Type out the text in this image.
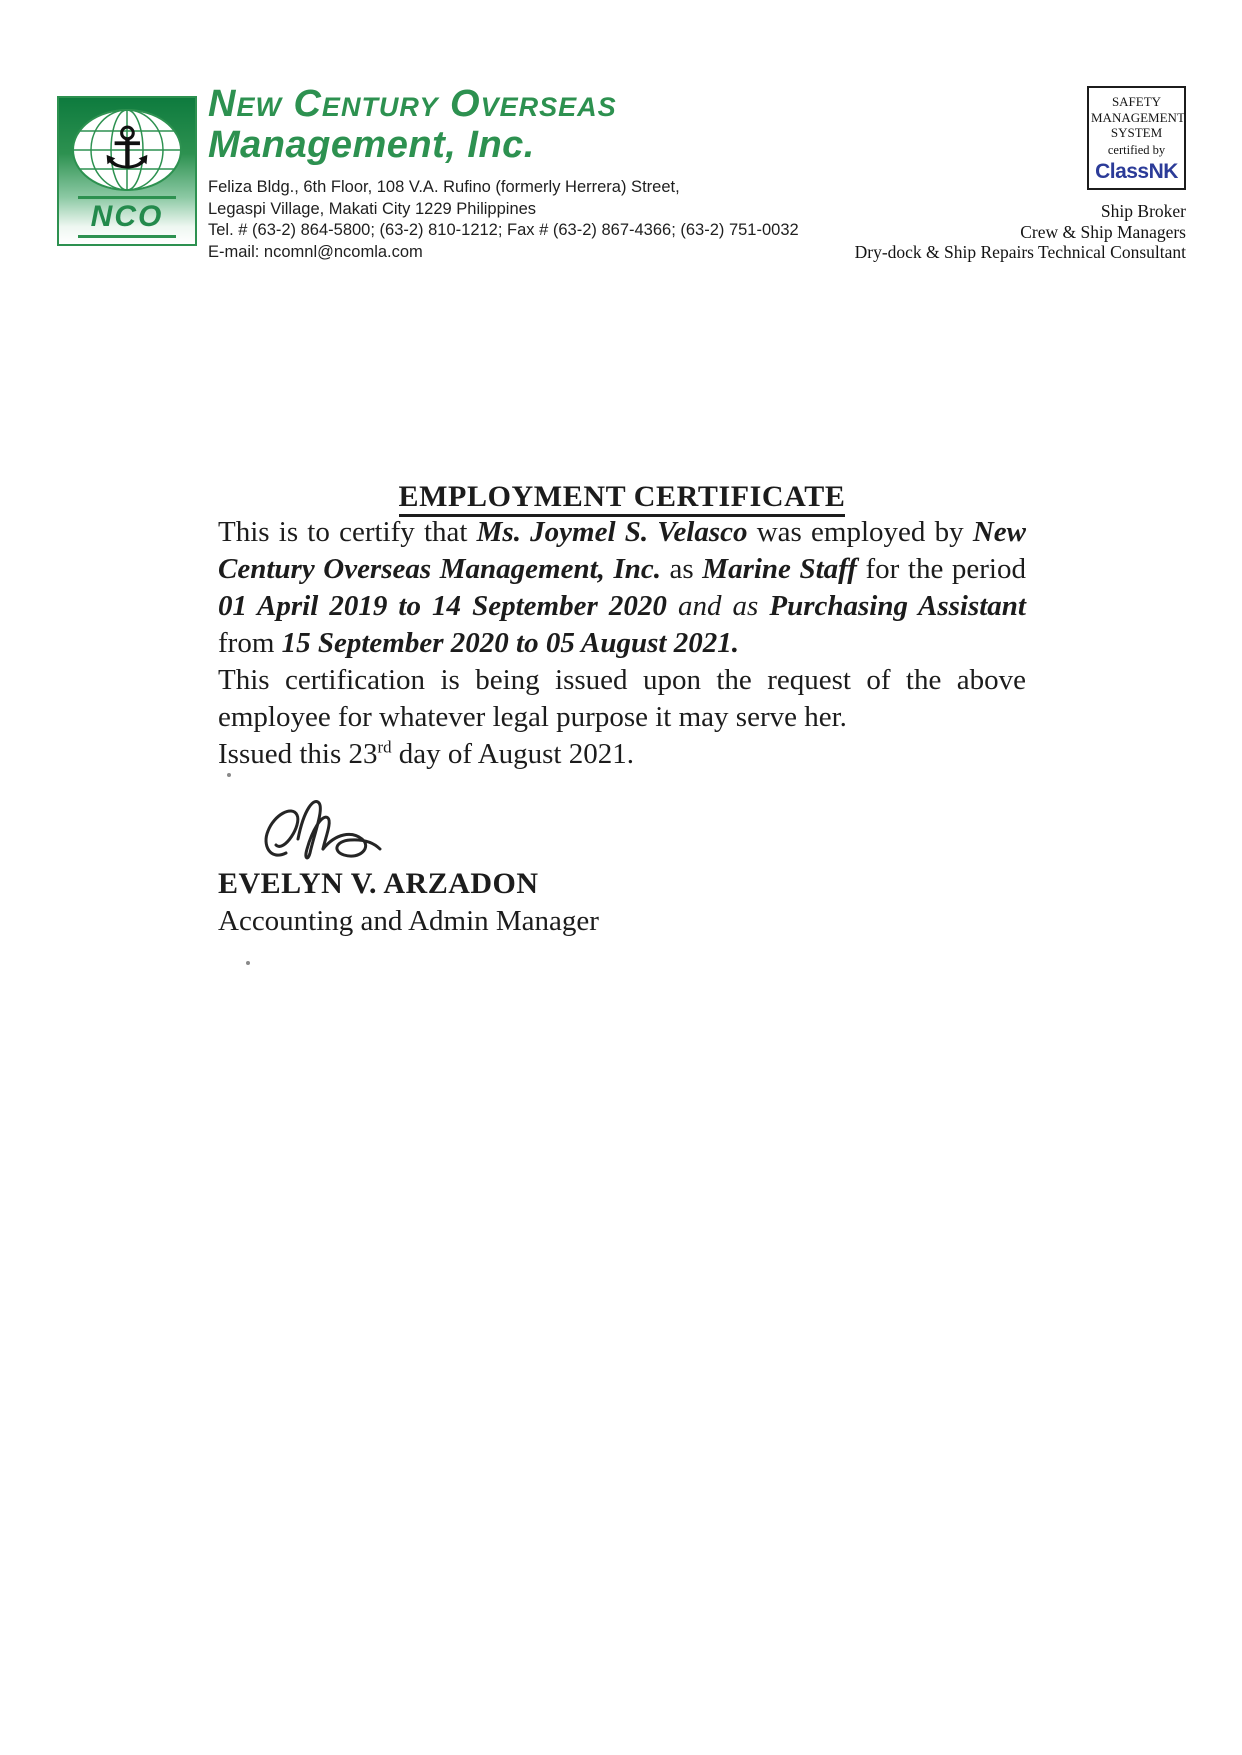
⚓
NCO
New Century Overseas
Management, Inc.
Feliza Bldg., 6th Floor, 108 V.A. Rufino (formerly Herrera) Street,
Legaspi Village, Makati City 1229 Philippines
Tel. # (63-2) 864-5800; (63-2) 810-1212; Fax # (63-2) 867-4366; (63-2) 751-0032
E-mail: ncomnl@ncomla.com
SAFETY
MANAGEMENT
SYSTEM
certified by
ClassNK
Ship Broker
Crew & Ship Managers
Dry-dock & Ship Repairs Technical Consultant
EMPLOYMENT CERTIFICATE

This is to certify that Ms. Joymel S. Velasco was employed by New Century Overseas Management, Inc. as Marine Staff for the period 01 April 2019 to 14 September 2020 and as Purchasing Assistant from 15 September 2020 to 05 August 2021.

This certification is being issued upon the request of the above employee for whatever legal purpose it may serve her.

Issued this 23rd day of August 2021.

EVELYN V. ARZADON
Accounting and Admin Manager
